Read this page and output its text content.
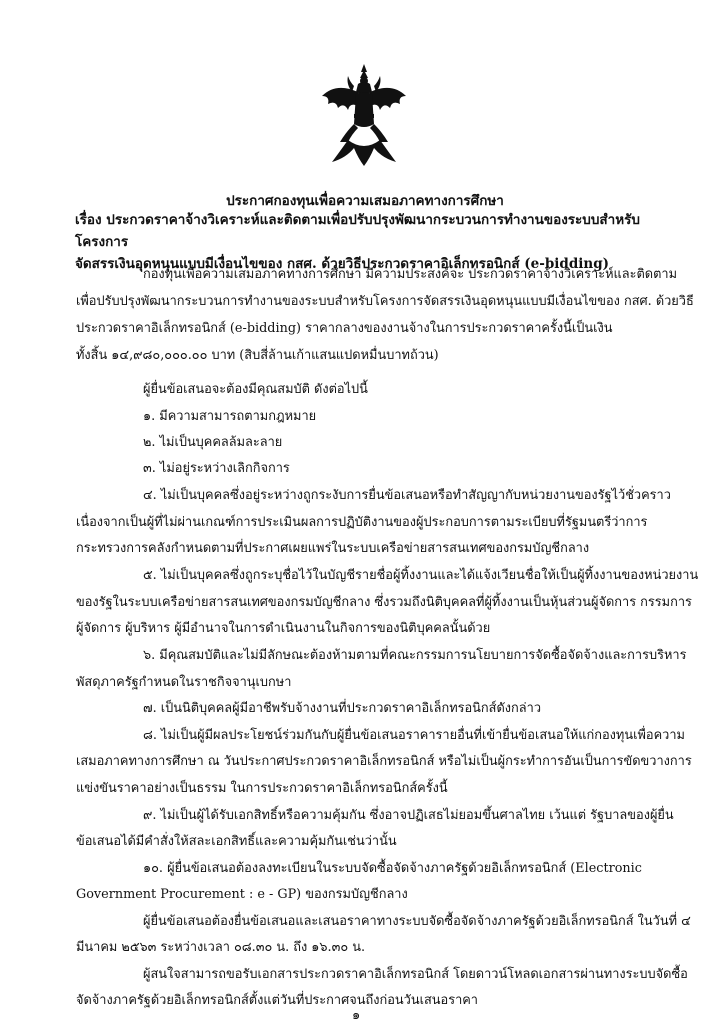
ประกาศกองทุนเพื่อความเสมอภาคทางการศึกษา
เรื่อง ประกวดราคาจ้างวิเคราะห์และติดตามเพื่อปรับปรุงพัฒนากระบวนการทำงานของระบบสำหรับโครงการ
จัดสรรเงินอุดหนุนแบบมีเงื่อนไขของ กสศ. ด้วยวิธีประกวดราคาอิเล็กทรอนิกส์ (e-bidding)
กองทุนเพื่อความเสมอภาคทางการศึกษา มีความประสงค์จะ ประกวดราคาจ้างวิเคราะห์และติดตาม
เพื่อปรับปรุงพัฒนากระบวนการทำงานของระบบสำหรับโครงการจัดสรรเงินอุดหนุนแบบมีเงื่อนไขของ กสศ. ด้วยวิธี
ประกวดราคาอิเล็กทรอนิกส์ (e-bidding) ราคากลางของงานจ้างในการประกวดราคาครั้งนี้เป็นเงิน
ทั้งสิ้น ๑๔,๙๘๐,๐๐๐.๐๐ บาท (สิบสี่ล้านเก้าแสนแปดหมื่นบาทถ้วน)
ผู้ยื่นข้อเสนอจะต้องมีคุณสมบัติ ดังต่อไปนี้
๑. มีความสามารถตามกฎหมาย
๒. ไม่เป็นบุคคลล้มละลาย
๓. ไม่อยู่ระหว่างเลิกกิจการ
๔. ไม่เป็นบุคคลซึ่งอยู่ระหว่างถูกระงับการยื่นข้อเสนอหรือทำสัญญากับหน่วยงานของรัฐไว้ชั่วคราว
เนื่องจากเป็นผู้ที่ไม่ผ่านเกณฑ์การประเมินผลการปฏิบัติงานของผู้ประกอบการตามระเบียบที่รัฐมนตรีว่าการ
กระทรวงการคลังกำหนดตามที่ประกาศเผยแพร่ในระบบเครือข่ายสารสนเทศของกรมบัญชีกลาง
๕. ไม่เป็นบุคคลซึ่งถูกระบุชื่อไว้ในบัญชีรายชื่อผู้ทิ้งงานและได้แจ้งเวียนชื่อให้เป็นผู้ทิ้งงานของหน่วยงาน
ของรัฐในระบบเครือข่ายสารสนเทศของกรมบัญชีกลาง ซึ่งรวมถึงนิติบุคคลที่ผู้ทิ้งงานเป็นหุ้นส่วนผู้จัดการ กรรมการ
ผู้จัดการ ผู้บริหาร ผู้มีอำนาจในการดำเนินงานในกิจการของนิติบุคคลนั้นด้วย
๖. มีคุณสมบัติและไม่มีลักษณะต้องห้ามตามที่คณะกรรมการนโยบายการจัดซื้อจัดจ้างและการบริหาร
พัสดุภาครัฐกำหนดในราชกิจจานุเบกษา
๗. เป็นนิติบุคคลผู้มีอาชีพรับจ้างงานที่ประกวดราคาอิเล็กทรอนิกส์ดังกล่าว
๘. ไม่เป็นผู้มีผลประโยชน์ร่วมกันกับผู้ยื่นข้อเสนอราคารายอื่นที่เข้ายื่นข้อเสนอให้แก่กองทุนเพื่อความ
เสมอภาคทางการศึกษา ณ วันประกาศประกวดราคาอิเล็กทรอนิกส์ หรือไม่เป็นผู้กระทำการอันเป็นการขัดขวางการ
แข่งขันราคาอย่างเป็นธรรม ในการประกวดราคาอิเล็กทรอนิกส์ครั้งนี้
๙. ไม่เป็นผู้ได้รับเอกสิทธิ์หรือความคุ้มกัน ซึ่งอาจปฏิเสธไม่ยอมขึ้นศาลไทย เว้นแต่ รัฐบาลของผู้ยื่น
ข้อเสนอได้มีคำสั่งให้สละเอกสิทธิ์และความคุ้มกันเช่นว่านั้น
๑๐. ผู้ยื่นข้อเสนอต้องลงทะเบียนในระบบจัดซื้อจัดจ้างภาครัฐด้วยอิเล็กทรอนิกส์ (Electronic
Government Procurement : e - GP) ของกรมบัญชีกลาง
ผู้ยื่นข้อเสนอต้องยื่นข้อเสนอและเสนอราคาทางระบบจัดซื้อจัดจ้างภาครัฐด้วยอิเล็กทรอนิกส์ ในวันที่ ๔
มีนาคม ๒๕๖๓ ระหว่างเวลา ๐๘.๓๐ น. ถึง ๑๖.๓๐ น.
ผู้สนใจสามารถขอรับเอกสารประกวดราคาอิเล็กทรอนิกส์ โดยดาวน์โหลดเอกสารผ่านทางระบบจัดซื้อ
จัดจ้างภาครัฐด้วยอิเล็กทรอนิกส์ตั้งแต่วันที่ประกาศจนถึงก่อนวันเสนอราคา
๑
